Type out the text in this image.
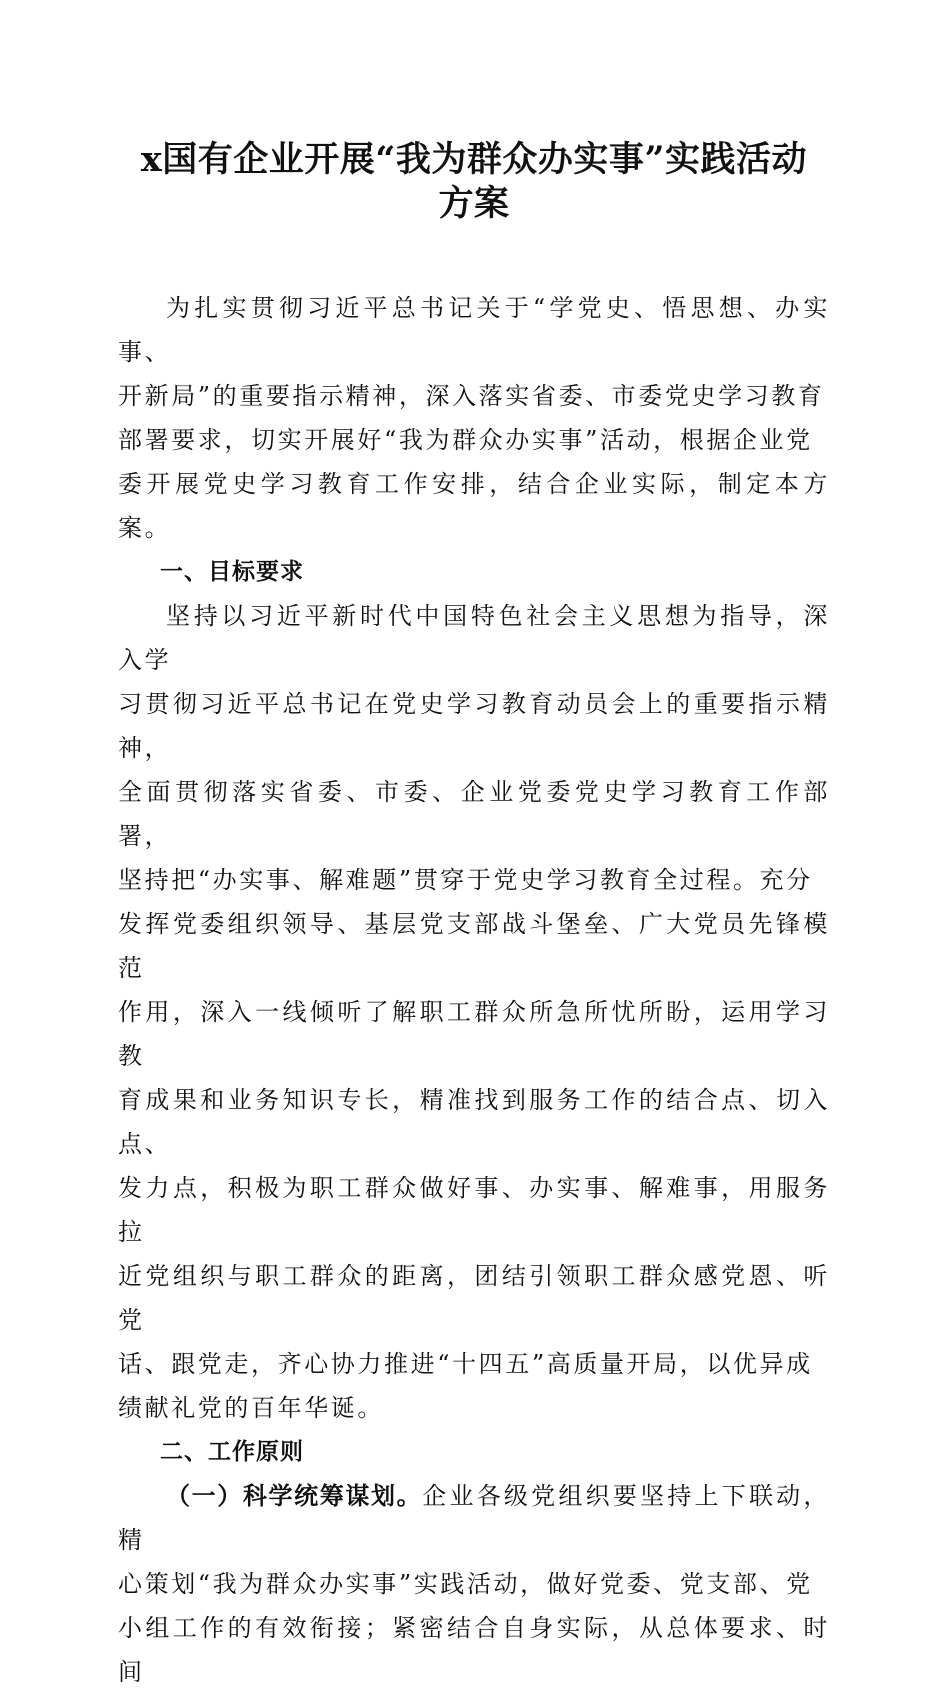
x国有企业开展“我为群众办实事”实践活动
方案

为扎实贯彻习近平总书记关于“学党史、悟思想、办实事、
开新局”的重要指示精神，深入落实省委、市委党史学习教育
部署要求，切实开展好“我为群众办实事”活动，根据企业党
委开展党史学习教育工作安排，结合企业实际，制定本方案。

一、目标要求

坚持以习近平新时代中国特色社会主义思想为指导，深入学
习贯彻习近平总书记在党史学习教育动员会上的重要指示精神，
全面贯彻落实省委、市委、企业党委党史学习教育工作部署，
坚持把“办实事、解难题”贯穿于党史学习教育全过程。充分
发挥党委组织领导、基层党支部战斗堡垒、广大党员先锋模范
作用，深入一线倾听了解职工群众所急所忧所盼，运用学习教
育成果和业务知识专长，精准找到服务工作的结合点、切入点、
发力点，积极为职工群众做好事、办实事、解难事，用服务拉
近党组织与职工群众的距离，团结引领职工群众感党恩、听党
话、跟党走，齐心协力推进“十四五”高质量开局，以优异成
绩献礼党的百年华诞。

二、工作原则

（一）科学统筹谋划。企业各级党组织要坚持上下联动，精
心策划“我为群众办实事”实践活动，做好党委、党支部、党
小组工作的有效衔接；紧密结合自身实际，从总体要求、时间
